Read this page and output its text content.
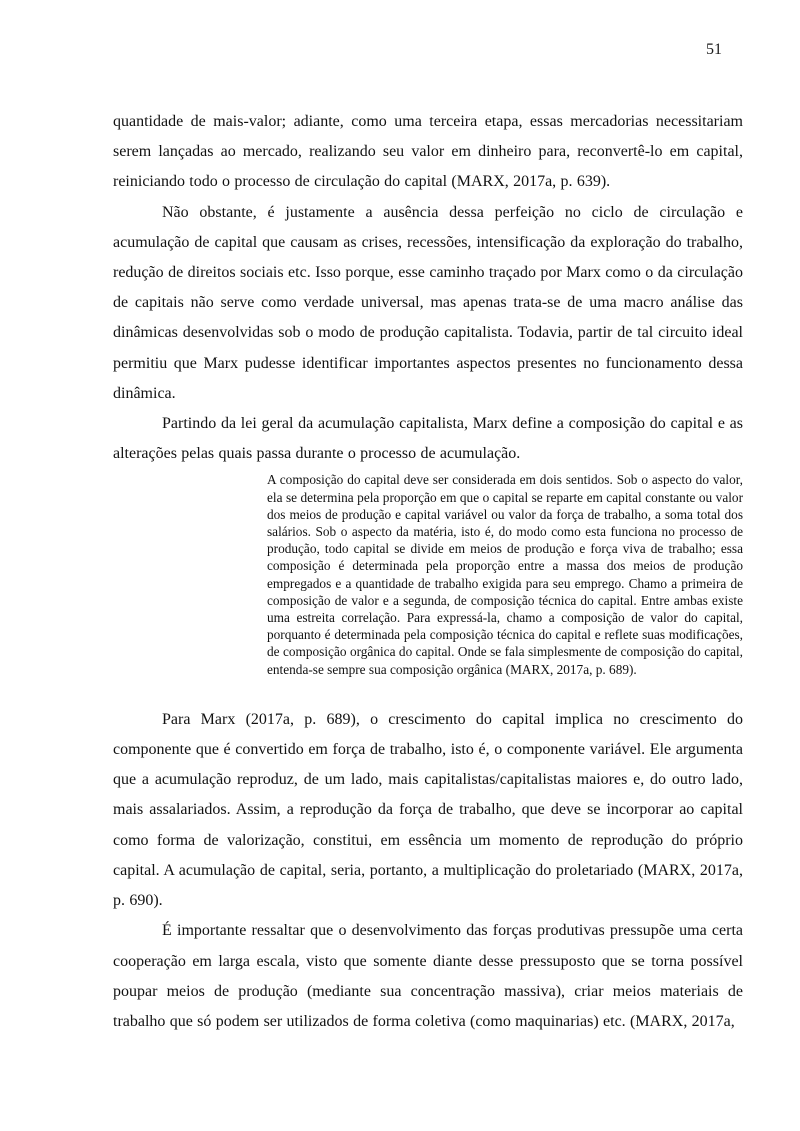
51

quantidade de mais-valor; adiante, como uma terceira etapa, essas mercadorias necessitariam serem lançadas ao mercado, realizando seu valor em dinheiro para, reconvertê-lo em capital, reiniciando todo o processo de circulação do capital (MARX, 2017a, p. 639).

Não obstante, é justamente a ausência dessa perfeição no ciclo de circulação e acumulação de capital que causam as crises, recessões, intensificação da exploração do trabalho, redução de direitos sociais etc. Isso porque, esse caminho traçado por Marx como o da circulação de capitais não serve como verdade universal, mas apenas trata-se de uma macro análise das dinâmicas desenvolvidas sob o modo de produção capitalista. Todavia, partir de tal circuito ideal permitiu que Marx pudesse identificar importantes aspectos presentes no funcionamento dessa dinâmica.

Partindo da lei geral da acumulação capitalista, Marx define a composição do capital e as alterações pelas quais passa durante o processo de acumulação.

A composição do capital deve ser considerada em dois sentidos. Sob o aspecto do valor, ela se determina pela proporção em que o capital se reparte em capital constante ou valor dos meios de produção e capital variável ou valor da força de trabalho, a soma total dos salários. Sob o aspecto da matéria, isto é, do modo como esta funciona no processo de produção, todo capital se divide em meios de produção e força viva de trabalho; essa composição é determinada pela proporção entre a massa dos meios de produção empregados e a quantidade de trabalho exigida para seu emprego. Chamo a primeira de composição de valor e a segunda, de composição técnica do capital. Entre ambas existe uma estreita correlação. Para expressá-la, chamo a composição de valor do capital, porquanto é determinada pela composição técnica do capital e reflete suas modificações, de composição orgânica do capital. Onde se fala simplesmente de composição do capital, entenda-se sempre sua composição orgânica (MARX, 2017a, p. 689).

Para Marx (2017a, p. 689), o crescimento do capital implica no crescimento do componente que é convertido em força de trabalho, isto é, o componente variável. Ele argumenta que a acumulação reproduz, de um lado, mais capitalistas/capitalistas maiores e, do outro lado, mais assalariados. Assim, a reprodução da força de trabalho, que deve se incorporar ao capital como forma de valorização, constitui, em essência um momento de reprodução do próprio capital. A acumulação de capital, seria, portanto, a multiplicação do proletariado (MARX, 2017a, p. 690).

É importante ressaltar que o desenvolvimento das forças produtivas pressupõe uma certa cooperação em larga escala, visto que somente diante desse pressuposto que se torna possível poupar meios de produção (mediante sua concentração massiva), criar meios materiais de trabalho que só podem ser utilizados de forma coletiva (como maquinarias) etc. (MARX, 2017a,
